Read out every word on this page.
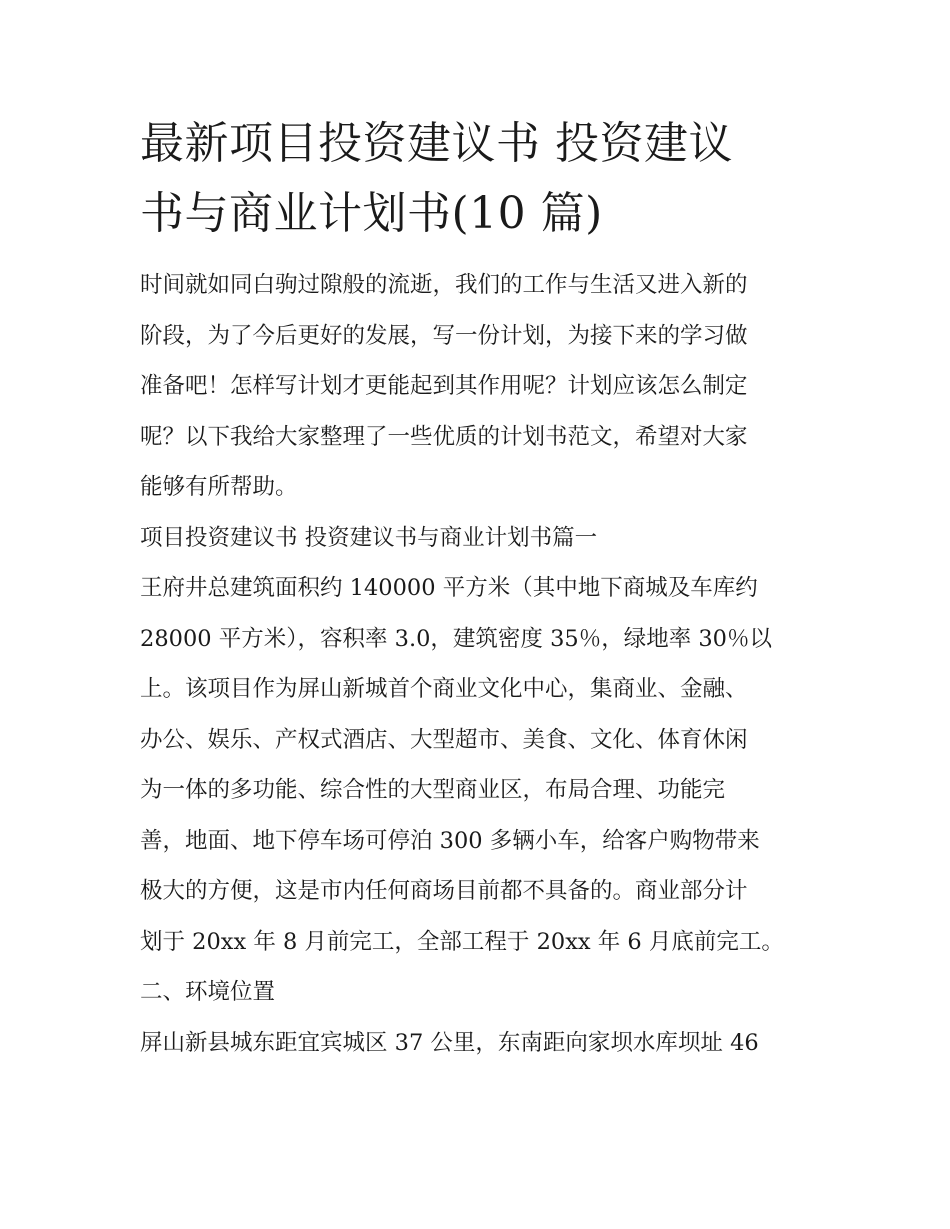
最新项目投资建议书 投资建议
书与商业计划书(10 篇)

时间就如同白驹过隙般的流逝，我们的工作与生活又进入新的
阶段，为了今后更好的发展，写一份计划，为接下来的学习做
准备吧！怎样写计划才更能起到其作用呢？计划应该怎么制定
呢？以下我给大家整理了一些优质的计划书范文，希望对大家
能够有所帮助。

项目投资建议书 投资建议书与商业计划书篇一

王府井总建筑面积约 140000 平方米（其中地下商城及车库约
28000 平方米），容积率 3.0，建筑密度 35％，绿地率 30％以
上。该项目作为屏山新城首个商业文化中心，集商业、金融、
办公、娱乐、产权式酒店、大型超市、美食、文化、体育休闲
为一体的多功能、综合性的大型商业区，布局合理、功能完
善，地面、地下停车场可停泊 300 多辆小车，给客户购物带来
极大的方便，这是市内任何商场目前都不具备的。商业部分计
划于 20xx 年 8 月前完工，全部工程于 20xx 年 6 月底前完工。

二、环境位置

屏山新县城东距宜宾城区 37 公里，东南距向家坝水库坝址 46
